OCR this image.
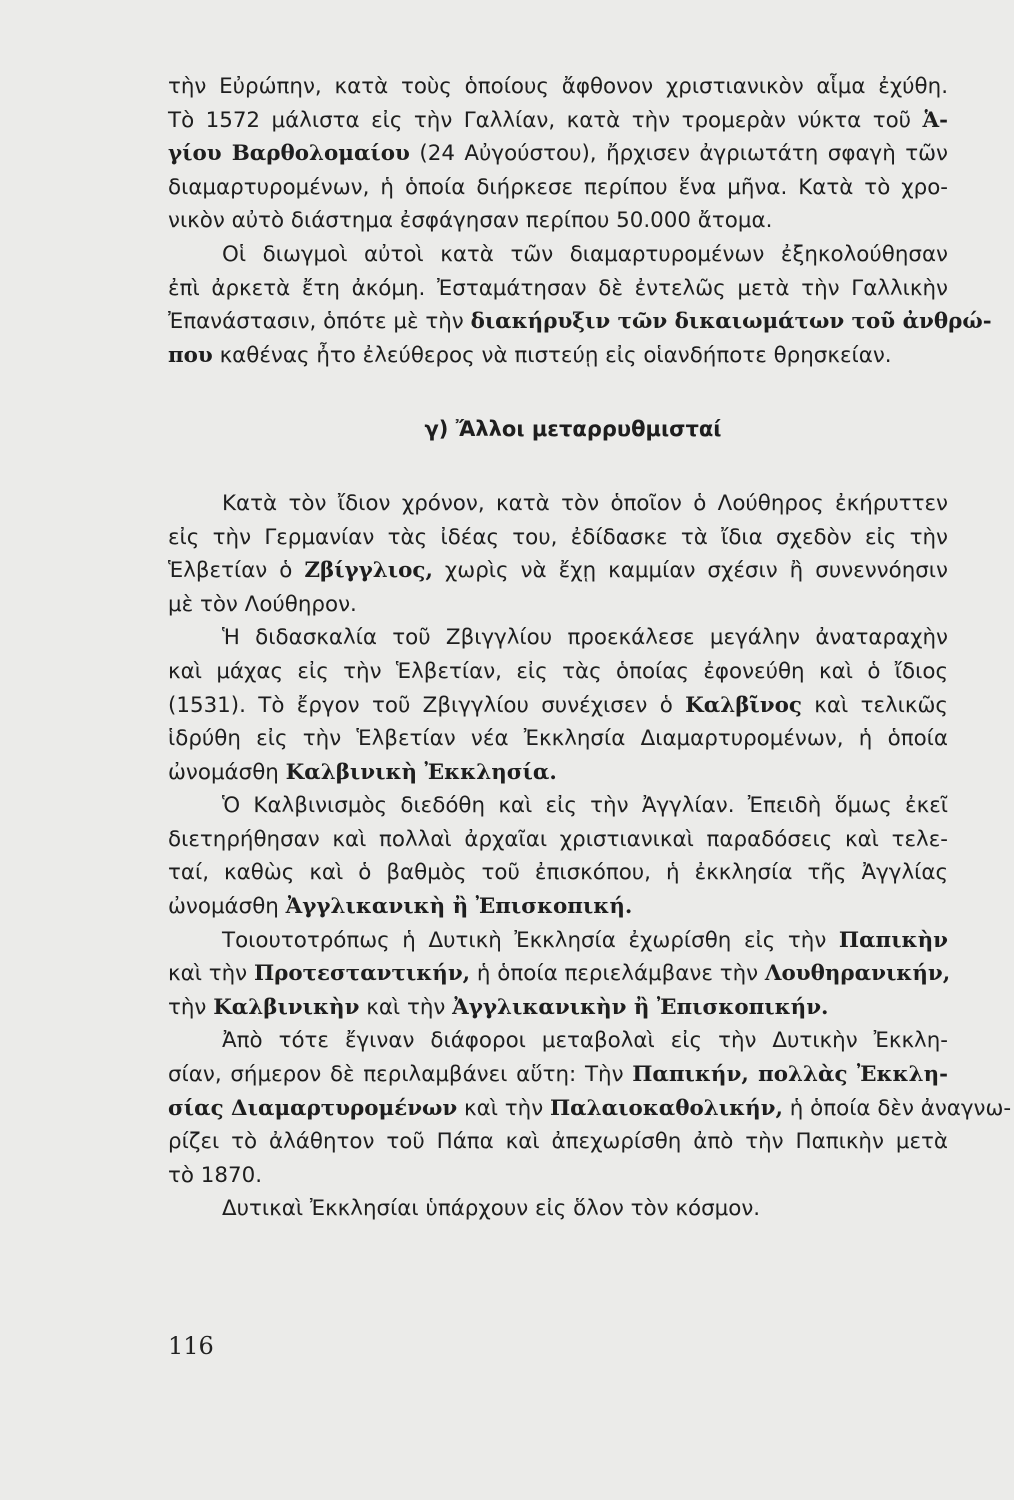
τὴν Εὐρώπην, κατὰ τοὺς ὁποίους ἄφθονον χριστιανικὸν αἷμα ἐχύθη.
Τὸ 1572 μάλιστα εἰς τὴν Γαλλίαν, κατὰ τὴν τρομερὰν νύκτα τοῦ Ἁ-
γίου Βαρθολομαίου (24 Αὐγούστου), ἤρχισεν ἀγριωτάτη σφαγὴ τῶν
διαμαρτυρομένων, ἡ ὁποία διήρκεσε περίπου ἕνα μῆνα. Κατὰ τὸ χρο-
νικὸν αὐτὸ διάστημα ἐσφάγησαν περίπου 50.000 ἄτομα.
Οἱ διωγμοὶ αὐτοὶ κατὰ τῶν διαμαρτυρομένων ἐξηκολούθησαν
ἐπὶ ἀρκετὰ ἔτη ἀκόμη. Ἐσταμάτησαν δὲ ἐντελῶς μετὰ τὴν Γαλλικὴν
Ἐπανάστασιν, ὁπότε μὲ τὴν διακήρυξιν τῶν δικαιωμάτων τοῦ ἀνθρώ-
που καθένας ἦτο ἐλεύθερος νὰ πιστεύῃ εἰς οἱανδήποτε θρησκείαν.
γ) Ἄλλοι μεταρρυθμισταί
Κατὰ τὸν ἴδιον χρόνον, κατὰ τὸν ὁποῖον ὁ Λούθηρος ἐκήρυττεν
εἰς τὴν Γερμανίαν τὰς ἰδέας του, ἐδίδασκε τὰ ἴδια σχεδὸν εἰς τὴν
Ἑλβετίαν ὁ Ζβίγγλιος, χωρὶς νὰ ἔχῃ καμμίαν σχέσιν ἢ συνεννόησιν
μὲ τὸν Λούθηρον.
Ἡ διδασκαλία τοῦ Ζβιγγλίου προεκάλεσε μεγάλην ἀναταραχὴν
καὶ μάχας εἰς τὴν Ἑλβετίαν, εἰς τὰς ὁποίας ἐφονεύθη καὶ ὁ ἴδιος
(1531). Τὸ ἔργον τοῦ Ζβιγγλίου συνέχισεν ὁ Καλβῖνος καὶ τελικῶς
ἱδρύθη εἰς τὴν Ἑλβετίαν νέα Ἐκκλησία Διαμαρτυρομένων, ἡ ὁποία
ὠνομάσθη Καλβινικὴ Ἐκκλησία.
Ὁ Καλβινισμὸς διεδόθη καὶ εἰς τὴν Ἀγγλίαν. Ἐπειδὴ ὅμως ἐκεῖ
διετηρήθησαν καὶ πολλαὶ ἀρχαῖαι χριστιανικαὶ παραδόσεις καὶ τελε-
ταί, καθὼς καὶ ὁ βαθμὸς τοῦ ἐπισκόπου, ἡ ἐκκλησία τῆς Ἀγγλίας
ὠνομάσθη Ἀγγλικανικὴ ἢ Ἐπισκοπική.
Τοιουτοτρόπως ἡ Δυτικὴ Ἐκκλησία ἐχωρίσθη εἰς τὴν Παπικὴν
καὶ τὴν Προτεσταντικήν, ἡ ὁποία περιελάμβανε τὴν Λουθηρανικήν,
τὴν Καλβινικὴν καὶ τὴν Ἀγγλικανικὴν ἢ Ἐπισκοπικήν.
Ἀπὸ τότε ἔγιναν διάφοροι μεταβολαὶ εἰς τὴν Δυτικὴν Ἐκκλη-
σίαν, σήμερον δὲ περιλαμβάνει αὕτη: Τὴν Παπικήν, πολλὰς Ἐκκλη-
σίας Διαμαρτυρομένων καὶ τὴν Παλαιοκαθολικήν, ἡ ὁποία δὲν ἀναγνω-
ρίζει τὸ ἀλάθητον τοῦ Πάπα καὶ ἀπεχωρίσθη ἀπὸ τὴν Παπικὴν μετὰ
τὸ 1870.
Δυτικαὶ Ἐκκλησίαι ὑπάρχουν εἰς ὅλον τὸν κόσμον.
116
